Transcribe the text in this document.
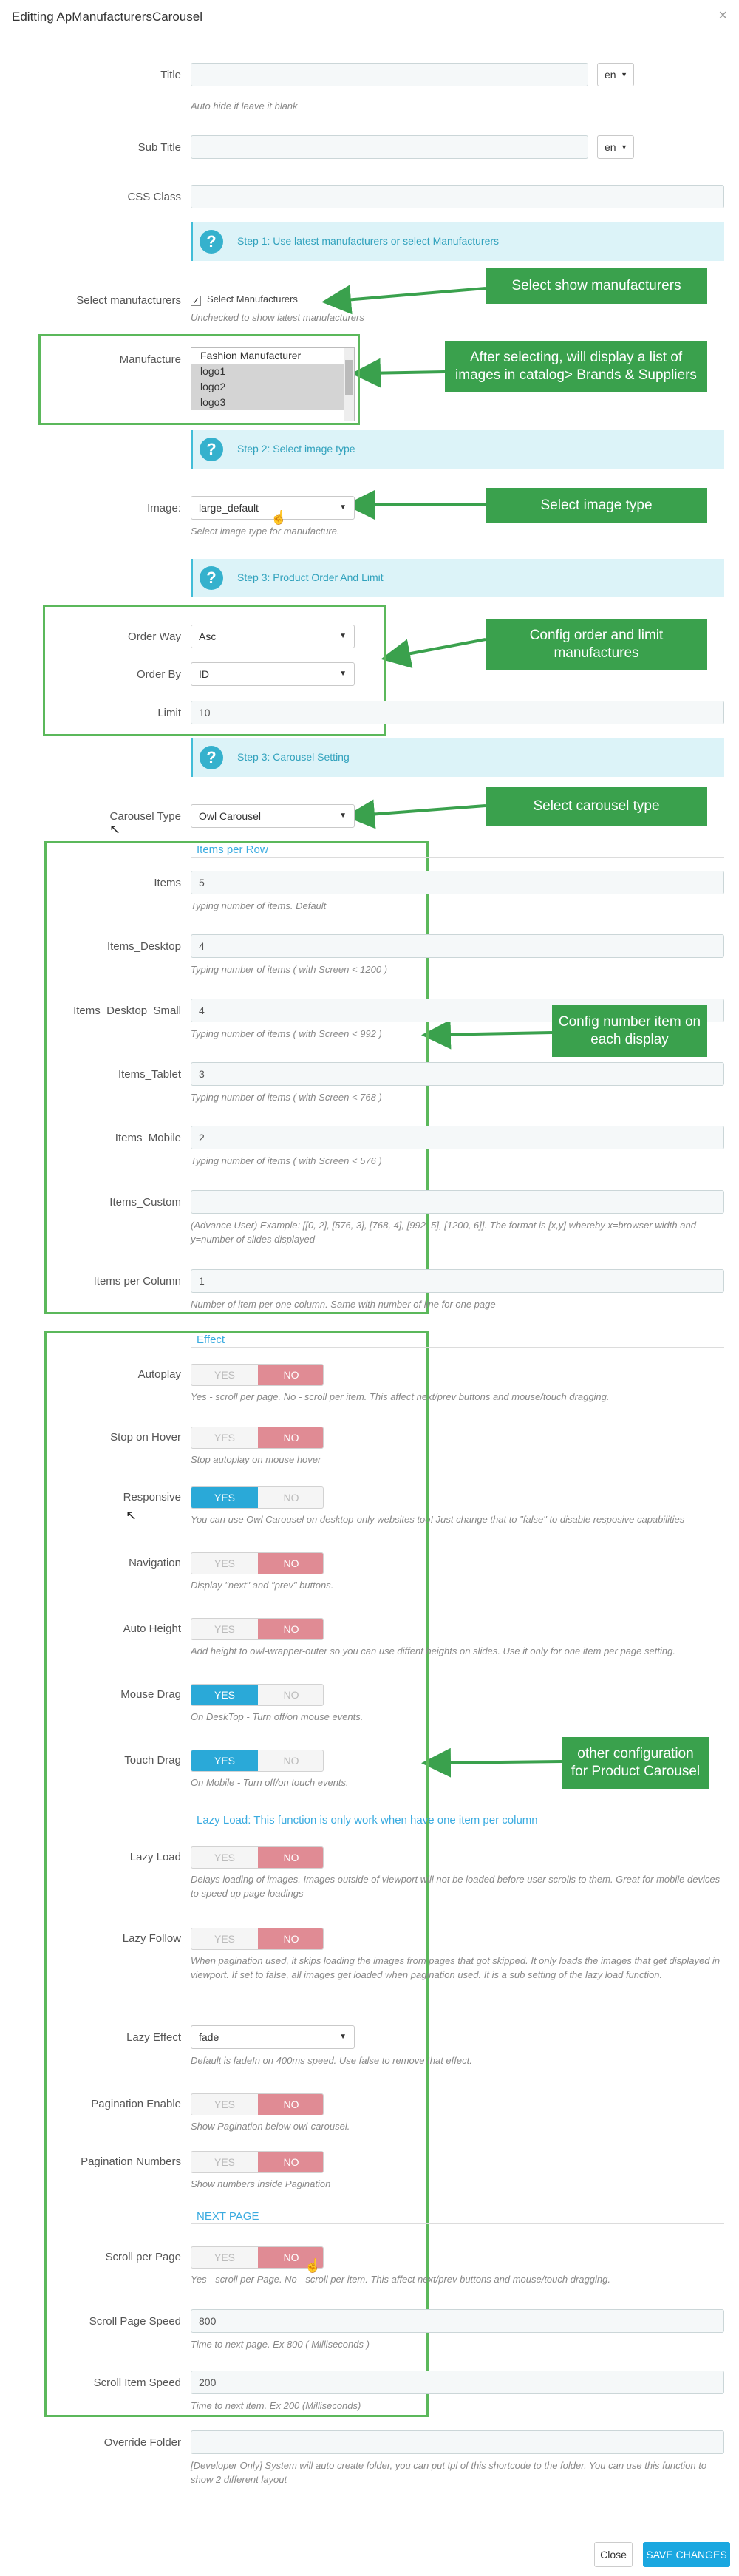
Editting ApManufacturersCarousel	×
Title	en ▼
Auto hide if leave it blank
Sub Title	en ▼
CSS Class
?	Step 1: Use latest manufacturers or select Manufacturers
Select manufacturers ✓ Select Manufacturers
Unchecked to show latest manufacturers
Select show manufacturers
Manufacture	Fashion Manufacturer
logo1
logo2
logo3
After selecting, will display a list of images in catalog> Brands & Suppliers
?	Step 2: Select image type
Image:	large_default	▼
☝
Select image type for manufacture.
Select image type
?	Step 3: Product Order And Limit
Order Way	Asc	▼
Order By	ID	▼
Limit	10
Config order and limit manufactures
?	Step 3: Carousel Setting
Carousel Type	Owl Carousel	▼
↖
Select carousel type
Items per Row
Items	5
Typing number of items. Default
Items_Desktop	4
Typing number of items ( with Screen < 1200 )
Items_Desktop_Small	4
Typing number of items ( with Screen < 992 )
Config number item on each display
Items_Tablet	3
Typing number of items ( with Screen < 768 )
Items_Mobile	2
Typing number of items ( with Screen < 576 )
Items_Custom
(Advance User) Example: [[0, 2], [576, 3], [768, 4], [992, 5], [1200, 6]]. The format is [x,y] whereby x=browser width and y=number of slides displayed
Items per Column	1
Number of item per one column. Same with number of line for one page
Effect
Autoplay	YES	NO
Yes - scroll per page. No - scroll per item. This affect next/prev buttons and mouse/touch dragging.
Stop on Hover	YES	NO
Stop autoplay on mouse hover
Responsive	YES	NO
↖	You can use Owl Carousel on desktop-only websites too! Just change that to "false" to disable resposive capabilities
Navigation	YES	NO
Display "next" and "prev" buttons.
Auto Height	YES	NO
Add height to owl-wrapper-outer so you can use diffent heights on slides. Use it only for one item per page setting.
Mouse Drag	YES	NO
On DeskTop - Turn off/on mouse events.
Touch Drag	YES	NO
On Mobile - Turn off/on touch events.
other configuration for Product Carousel
Lazy Load: This function is only work when have one item per column
Lazy Load	YES	NO
Delays loading of images. Images outside of viewport will not be loaded before user scrolls to them. Great for mobile devices to speed up page loadings
Lazy Follow	YES	NO
When pagination used, it skips loading the images from pages that got skipped. It only loads the images that get displayed in viewport. If set to false, all images get loaded when pagination used. It is a sub setting of the lazy load function.
Lazy Effect	fade	▼
Default is fadeIn on 400ms speed. Use false to remove that effect.
Pagination Enable	YES	NO
Show Pagination below owl-carousel.
Pagination Numbers	YES	NO
Show numbers inside Pagination
NEXT PAGE
Scroll per Page	YES	NO
☝
Yes - scroll per Page. No - scroll per item. This affect next/prev buttons and mouse/touch dragging.
Scroll Page Speed	800
Time to next page. Ex 800 ( Milliseconds )
Scroll Item Speed	200
Time to next item. Ex 200 (Milliseconds)
Override Folder
[Developer Only] System will auto create folder, you can put tpl of this shortcode to the folder. You can use this function to show 2 different layout
Close	SAVE CHANGES
